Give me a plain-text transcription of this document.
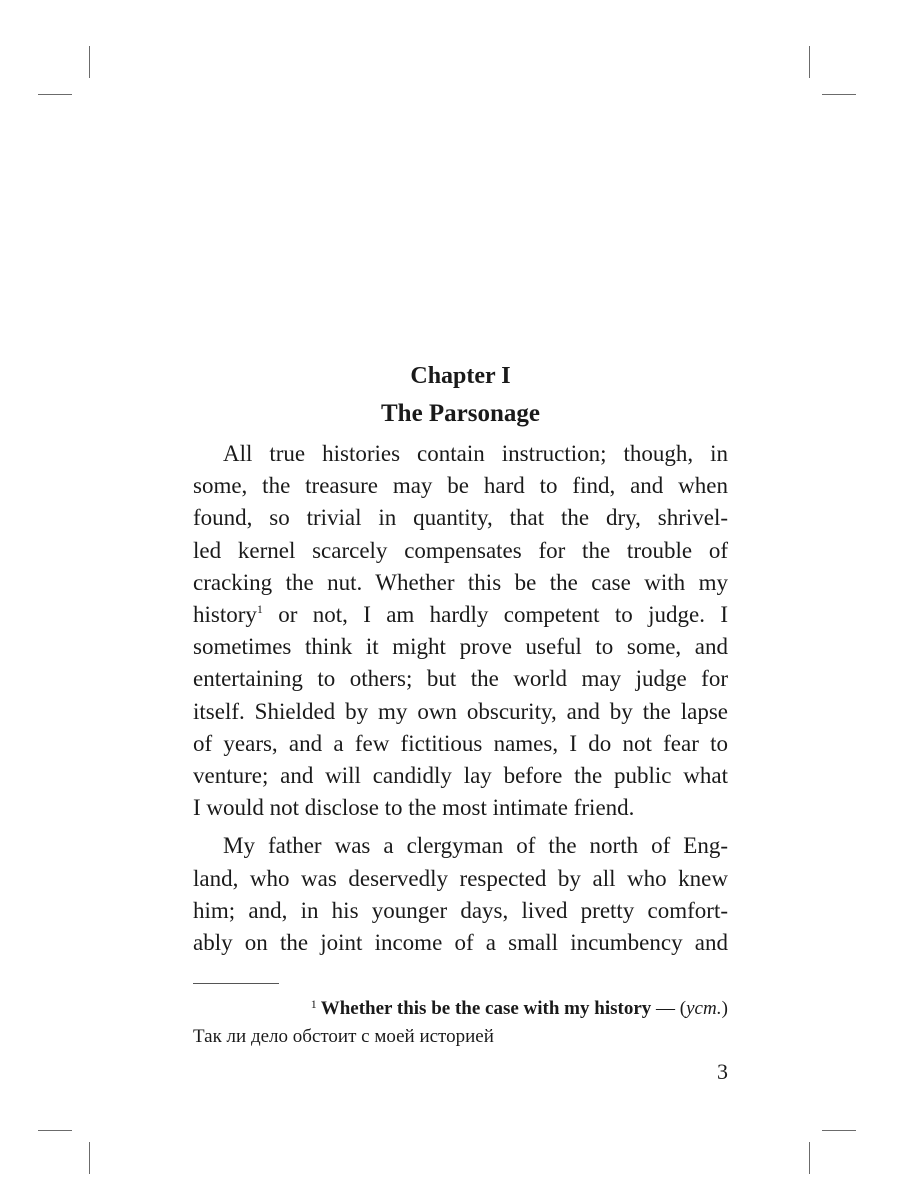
Chapter I
The Parsonage

All true histories contain instruction; though, in
some, the treasure may be hard to find, and when
found, so trivial in quantity, that the dry, shrivel-
led kernel scarcely compensates for the trouble of
cracking the nut. Whether this be the case with my
history$^1$ or not, I am hardly competent to judge. I
sometimes think it might prove useful to some, and
entertaining to others; but the world may judge for
itself. Shielded by my own obscurity, and by the lapse
of years, and a few fictitious names, I do not fear to
venture; and will candidly lay before the public what
I would not disclose to the most intimate friend.

My father was a clergyman of the north of Eng-
land, who was deservedly respected by all who knew
him; and, in his younger days, lived pretty comfort-
ably on the joint income of a small incumbency and

$^1$ Whether this be the case with my history — (уст.)
Так ли дело обстоит с моей историей
3
